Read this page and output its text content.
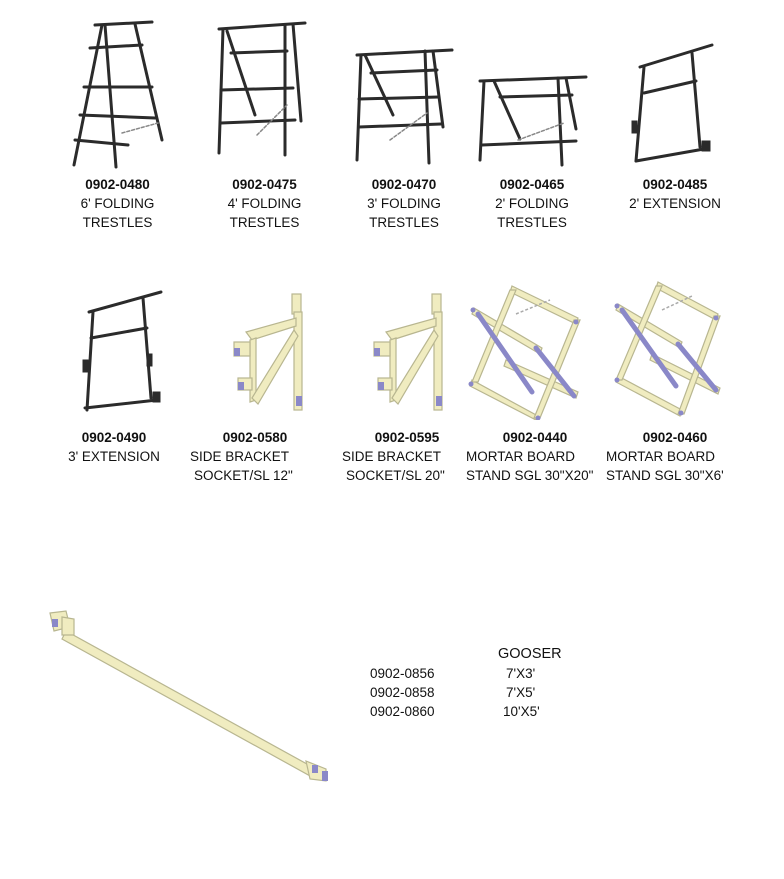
0902-0480
6' FOLDING
TRESTLES
0902-0475
4' FOLDING
TRESTLES
0902-0470
3' FOLDING
TRESTLES
0902-0465
2' FOLDING
TRESTLES
0902-0485
2' EXTENSION
0902-0490
3' EXTENSION
0902-0580
SIDE BRACKET
SOCKET/SL 12"
0902-0595
SIDE BRACKET
SOCKET/SL 20"
0902-0440
MORTAR BOARD
STAND SGL 30"X20"
0902-0460
MORTAR BOARD
STAND SGL 30"X6'
GOOSER
0902-0856	7'X3'
0902-0858	7'X5'
0902-0860	10'X5'
